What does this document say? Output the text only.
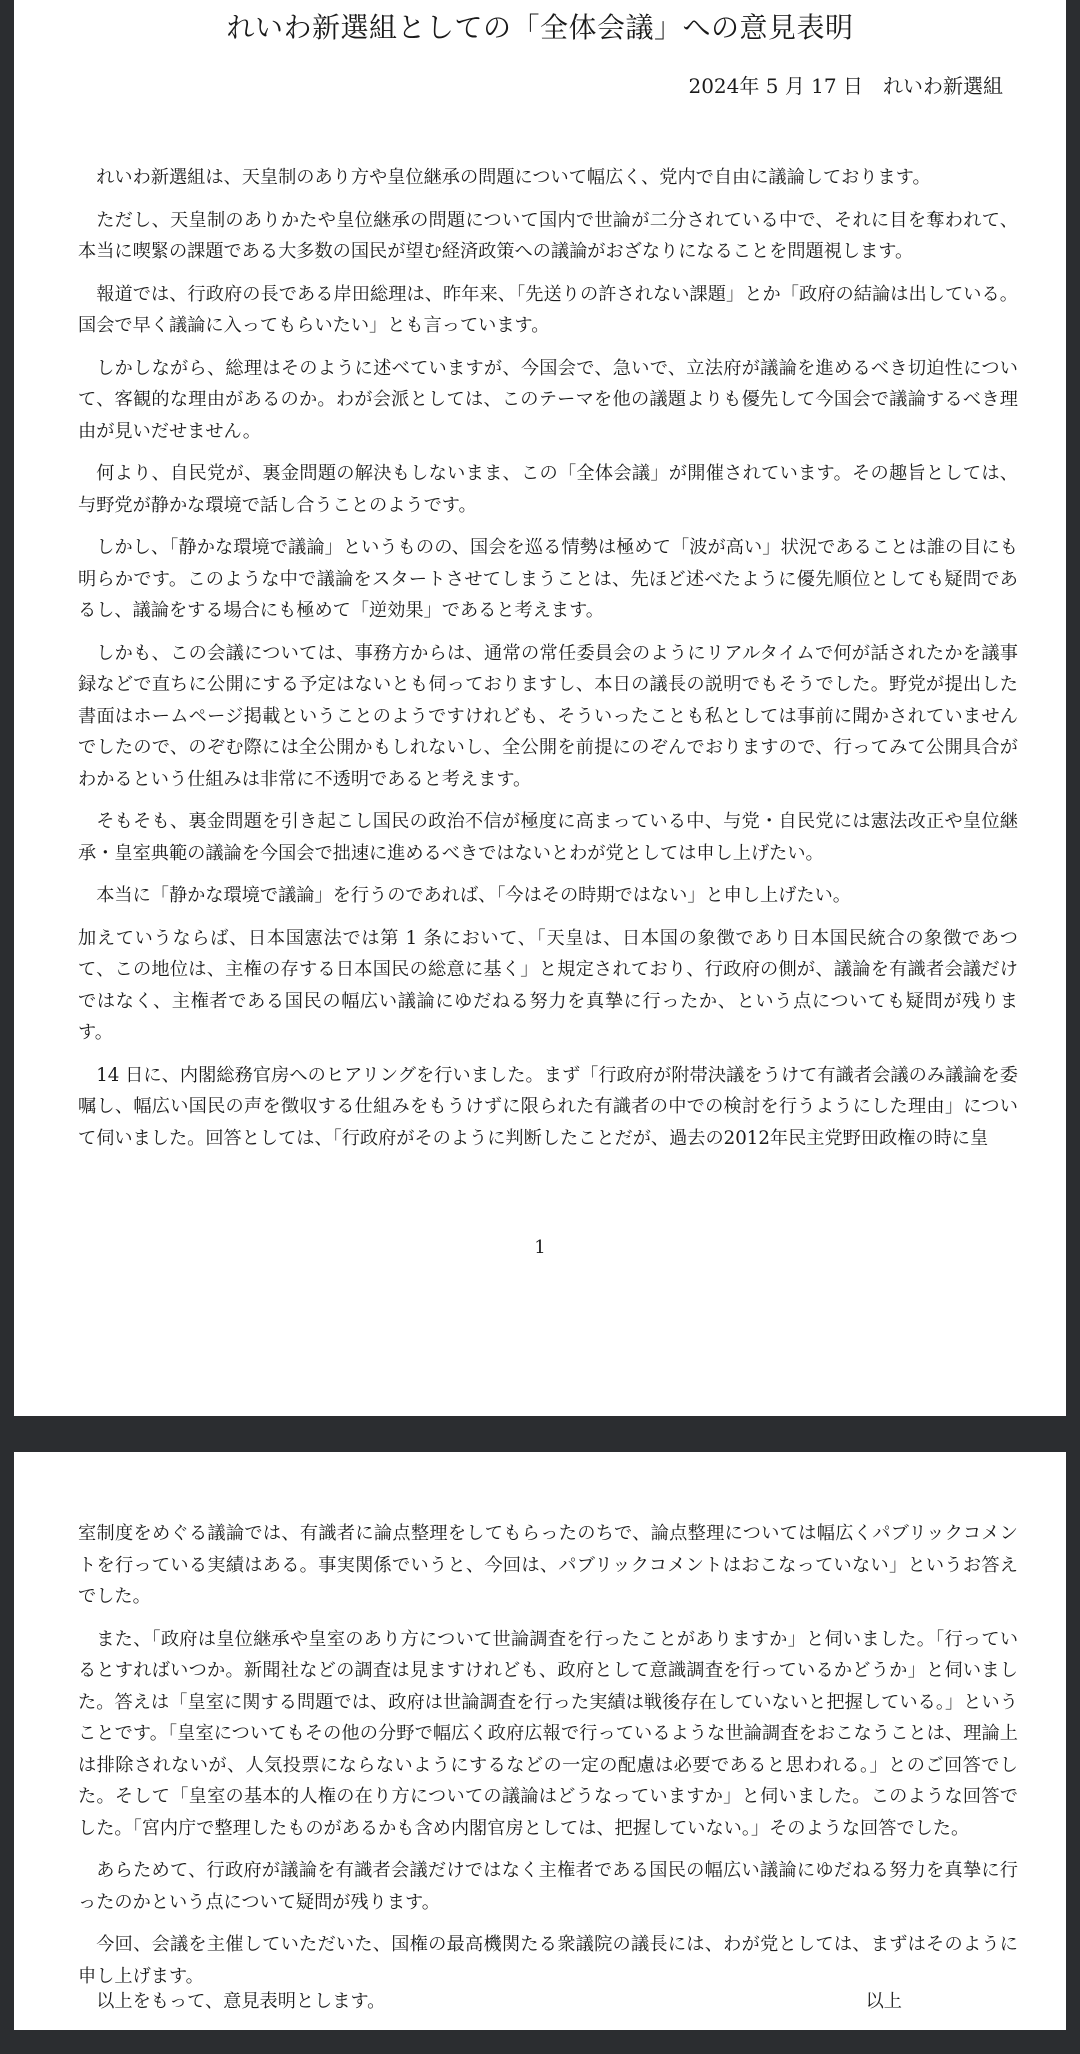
れいわ新選組としての「全体会議」への意見表明
2024年 5 月 17 日　れいわ新選組

れいわ新選組は、天皇制のあり方や皇位継承の問題について幅広く、党内で自由に議論しております。

ただし、天皇制のありかたや皇位継承の問題について国内で世論が二分されている中で、それに目を奪われて、本当に喫緊の課題である大多数の国民が望む経済政策への議論がおざなりになることを問題視します。

報道では、行政府の長である岸田総理は、昨年来、「先送りの許されない課題」とか「政府の結論は出している。国会で早く議論に入ってもらいたい」とも言っています。

しかしながら、総理はそのように述べていますが、今国会で、急いで、立法府が議論を進めるべき切迫性について、客観的な理由があるのか。わが会派としては、このテーマを他の議題よりも優先して今国会で議論するべき理由が見いだせません。

何より、自民党が、裏金問題の解決もしないまま、この「全体会議」が開催されています。その趣旨としては、与野党が静かな環境で話し合うことのようです。

しかし、「静かな環境で議論」というものの、国会を巡る情勢は極めて「波が高い」状況であることは誰の目にも明らかです。このような中で議論をスタートさせてしまうことは、先ほど述べたように優先順位としても疑問であるし、議論をする場合にも極めて「逆効果」であると考えます。

しかも、この会議については、事務方からは、通常の常任委員会のようにリアルタイムで何が話されたかを議事録などで直ちに公開にする予定はないとも伺っておりますし、本日の議長の説明でもそうでした。野党が提出した書面はホームページ掲載ということのようですけれども、そういったことも私としては事前に聞かされていませんでしたので、のぞむ際には全公開かもしれないし、全公開を前提にのぞんでおりますので、行ってみて公開具合がわかるという仕組みは非常に不透明であると考えます。

そもそも、裏金問題を引き起こし国民の政治不信が極度に高まっている中、与党・自民党には憲法改正や皇位継承・皇室典範の議論を今国会で拙速に進めるべきではないとわが党としては申し上げたい。

本当に「静かな環境で議論」を行うのであれば、「今はその時期ではない」と申し上げたい。

加えていうならば、日本国憲法では第 1 条において、「天皇は、日本国の象徴であり日本国民統合の象徴であつて、この地位は、主権の存する日本国民の総意に基く」と規定されており、行政府の側が、議論を有識者会議だけではなく、主権者である国民の幅広い議論にゆだねる努力を真摯に行ったか、という点についても疑問が残ります。

14 日に、内閣総務官房へのヒアリングを行いました。まず「行政府が附帯決議をうけて有識者会議のみ議論を委嘱し、幅広い国民の声を徴収する仕組みをもうけずに限られた有識者の中での検討を行うようにした理由」について伺いました。回答としては、「行政府がそのように判断したことだが、過去の2012年民主党野田政権の時に皇

1

室制度をめぐる議論では、有識者に論点整理をしてもらったのちで、論点整理については幅広くパブリックコメントを行っている実績はある。事実関係でいうと、今回は、パブリックコメントはおこなっていない」というお答えでした。

また、「政府は皇位継承や皇室のあり方について世論調査を行ったことがありますか」と伺いました。「行っているとすればいつか。新聞社などの調査は見ますけれども、政府として意識調査を行っているかどうか」と伺いました。答えは「皇室に関する問題では、政府は世論調査を行った実績は戦後存在していないと把握している。」ということです。「皇室についてもその他の分野で幅広く政府広報で行っているような世論調査をおこなうことは、理論上は排除されないが、人気投票にならないようにするなどの一定の配慮は必要であると思われる。」とのご回答でした。そして「皇室の基本的人権の在り方についての議論はどうなっていますか」と伺いました。このような回答でした。「宮内庁で整理したものがあるかも含め内閣官房としては、把握していない。」そのような回答でした。

あらためて、行政府が議論を有識者会議だけではなく主権者である国民の幅広い議論にゆだねる努力を真摯に行ったのかという点について疑問が残ります。

今回、会議を主催していただいた、国権の最高機関たる衆議院の議長には、わが党としては、まずはそのように申し上げます。

以上をもって、意見表明とします。	以上
